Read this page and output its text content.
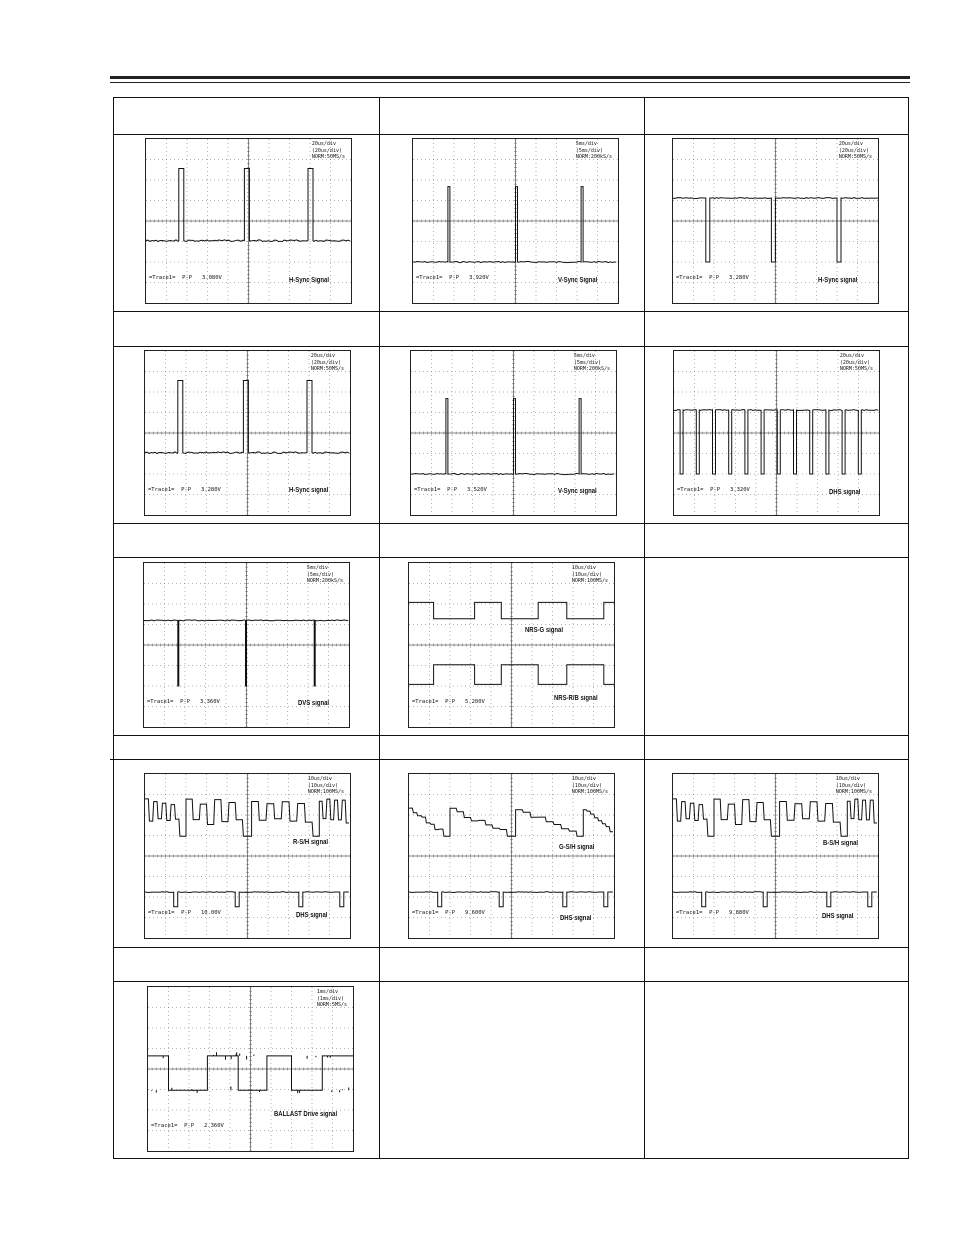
20us/div
(20us/div)
NORM:50MS/s
=Trace1=  P-P   3.080V	H-Sync Signal
5ms/div
(5ms/div)
NORM:200kS/s
=Trace1=  P-P   3.920V	V-Sync Signal
20us/div
(20us/div)
NORM:50MS/s
=Trace1=  P-P   3.280V	H-Sync signal
20us/div
(20us/div)
NORM:50MS/s
=Trace1=  P-P   3.280V	H-Sync signal
5ms/div
(5ms/div)
NORM:200kS/s
=Trace1=  P-P   3.520V	V-Sync signal
20us/div
(20us/div)
NORM:50MS/s
=Trace1=  P-P   3.320V	DHS signal
5ms/div
(5ms/div)
NORM:200kS/s
=Trace1=  P-P   3.360V	DVS signal
10us/div
(10us/div)
NORM:100MS/s
=Trace1=  P-P   5.200V
NRS-G signal
NRS-R/B signal
10us/div
(10us/div)
NORM:100MS/s
=Trace1=  P-P   10.00V
R-S/H signal
DHS signal
10us/div
(10us/div)
NORM:100MS/s
=Trace1=  P-P   9.600V
G-S/H signal
DHS signal
10us/div
(10us/div)
NORM:100MS/s
=Trace1=  P-P   9.880V
B-S/H signal
DHS signal
1ms/div
(1ms/div)
NORM:5MS/s
=Trace1=  P-P   2.360V
BALLAST Drive signal
